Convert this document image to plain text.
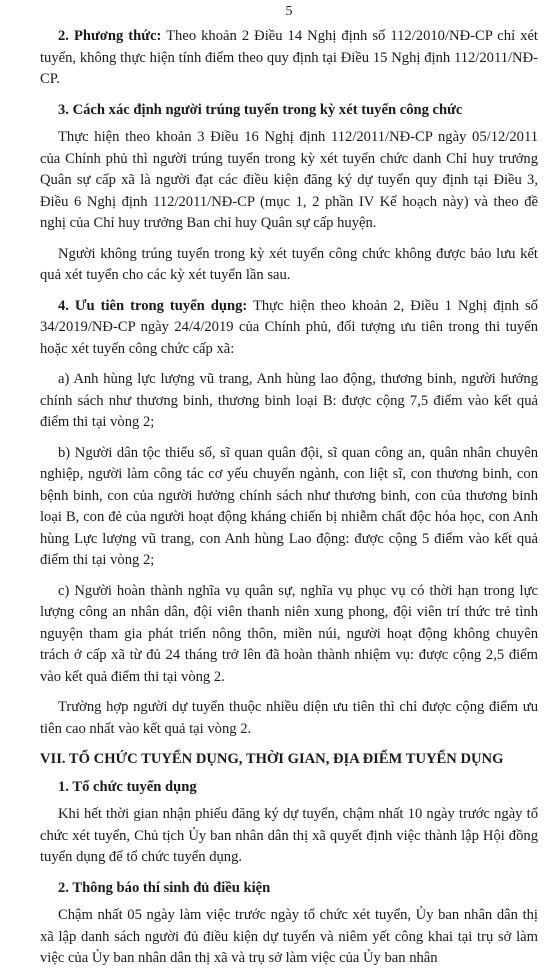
5

2. Phương thức: Theo khoản 2 Điều 14 Nghị định số 112/2010/NĐ-CP chỉ xét tuyển, không thực hiện tính điểm theo quy định tại Điều 15 Nghị định 112/2011/NĐ-CP.

3. Cách xác định người trúng tuyển trong kỳ xét tuyển công chức

Thực hiện theo khoản 3 Điều 16 Nghị định 112/2011/NĐ-CP ngày 05/12/2011 của Chính phủ thì người trúng tuyển trong kỳ xét tuyển chức danh Chỉ huy trưởng Quân sự cấp xã là người đạt các điều kiện đăng ký dự tuyển quy định tại Điều 3, Điều 6 Nghị định 112/2011/NĐ-CP (mục 1, 2 phần IV Kế hoạch này) và theo đề nghị của Chỉ huy trưởng Ban chỉ huy Quân sự cấp huyện.

Người không trúng tuyển trong kỳ xét tuyển công chức không được bảo lưu kết quả xét tuyển cho các kỳ xét tuyển lần sau.

4. Ưu tiên trong tuyển dụng: Thực hiện theo khoản 2, Điều 1 Nghị định số 34/2019/NĐ-CP ngày 24/4/2019 của Chính phủ, đối tượng ưu tiên trong thi tuyển hoặc xét tuyển công chức cấp xã:

a) Anh hùng lực lượng vũ trang, Anh hùng lao động, thương binh, người hưởng chính sách như thương binh, thương binh loại B: được cộng 7,5 điểm vào kết quả điểm thi tại vòng 2;

b) Người dân tộc thiểu số, sĩ quan quân đội, sĩ quan công an, quân nhân chuyên nghiệp, người làm công tác cơ yếu chuyển ngành, con liệt sĩ, con thương binh, con bệnh binh, con của người hưởng chính sách như thương binh, con của thương binh loại B, con đẻ của người hoạt động kháng chiến bị nhiễm chất độc hóa học, con Anh hùng Lực lượng vũ trang, con Anh hùng Lao động: được cộng 5 điểm vào kết quả điểm thi tại vòng 2;

c) Người hoàn thành nghĩa vụ quân sự, nghĩa vụ phục vụ có thời hạn trong lực lượng công an nhân dân, đội viên thanh niên xung phong, đội viên trí thức trẻ tình nguyện tham gia phát triển nông thôn, miền núi, người hoạt động không chuyên trách ở cấp xã từ đủ 24 tháng trở lên đã hoàn thành nhiệm vụ: được cộng 2,5 điểm vào kết quả điểm thi tại vòng 2.

Trường hợp người dự tuyển thuộc nhiều diện ưu tiên thì chỉ được cộng điểm ưu tiên cao nhất vào kết quả tại vòng 2.

VII. TỔ CHỨC TUYỂN DỤNG, THỜI GIAN, ĐỊA ĐIỂM TUYỂN DỤNG
1. Tổ chức tuyển dụng

Khi hết thời gian nhận phiếu đăng ký dự tuyển, chậm nhất 10 ngày trước ngày tổ chức xét tuyển, Chủ tịch Ủy ban nhân dân thị xã quyết định việc thành lập Hội đồng tuyển dụng để tổ chức tuyển dụng.

2. Thông báo thí sinh đủ điều kiện

Chậm nhất 05 ngày làm việc trước ngày tổ chức xét tuyển, Ủy ban nhân dân thị xã lập danh sách người đủ điều kiện dự tuyển và niêm yết công khai tại trụ sở làm việc của Ủy ban nhân dân thị xã và trụ sở làm việc của Ủy ban nhân
